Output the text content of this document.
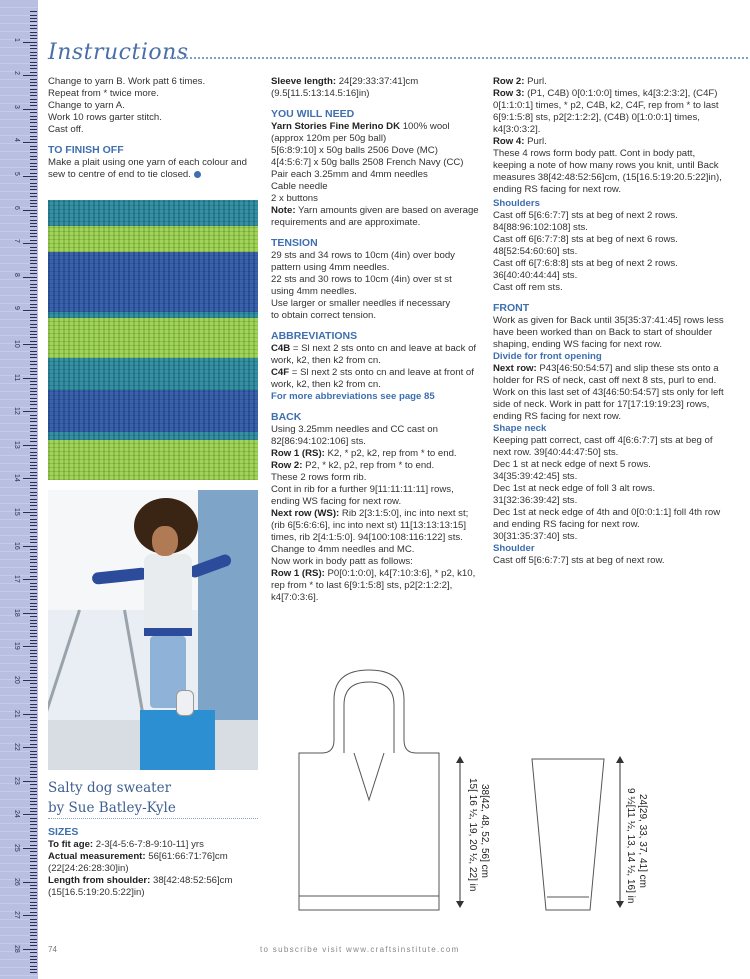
1
2
3
4
5
6
7
8
9
10
11
12
13
14
15
16
17
18
19
20
21
22
23
24
25
26
27
28
Instructions

Change to yarn B. Work patt 6 times.

Repeat from * twice more.

Change to yarn A.

Work 10 rows garter stitch.

Cast off.

TO FINISH OFF

Make a plait using one yarn of each colour and sew to centre of end to tie closed.

Salty dog sweater
by Sue Batley-Kyle
SIZES

To fit age: 2-3[4-5:6-7:8-9:10-11] yrs

Actual measurement: 56[61:66:71:76]cm

(22[24:26:28:30]in)

Length from shoulder: 38[42:48:52:56]cm

(15[16.5:19:20.5:22]in)

Sleeve length: 24[29:33:37:41]cm

(9.5[11.5:13:14.5:16]in)

YOU WILL NEED

Yarn Stories Fine Merino DK 100% wool

(approx 120m per 50g ball)

5[6:8:9:10] x 50g balls 2506 Dove (MC)

4[4:5:6:7] x 50g balls 2508 French Navy (CC)

Pair each 3.25mm and 4mm needles

Cable needle

2 x buttons

Note: Yarn amounts given are based on average requirements and are approximate.

TENSION

29 sts and 34 rows to 10cm (4in) over body

pattern using 4mm needles.

22 sts and 30 rows to 10cm (4in) over st st

using 4mm needles.

Use larger or smaller needles if necessary

to obtain correct tension.

ABBREVIATIONS

C4B = Sl next 2 sts onto cn and leave at back of work, k2, then k2 from cn.

C4F = Sl next 2 sts onto cn and leave at front of work, k2, then k2 from cn.

For more abbreviations see page 85

BACK

Using 3.25mm needles and CC cast on 82[86:94:102:106] sts.

Row 1 (RS): K2, * p2, k2, rep from * to end.

Row 2: P2, * k2, p2, rep from * to end.

These 2 rows form rib.

Cont in rib for a further 9[11:11:11:11] rows, ending WS facing for next row.

Next row (WS): Rib 2[3:1:5:0], inc into next st; (rib 6[5:6:6:6], inc into next st) 11[13:13:13:15] times, rib 2[4:1:5:0]. 94[100:108:116:122] sts.

Change to 4mm needles and MC.

Now work in body patt as follows:

Row 1 (RS): P0[0:1:0:0], k4[7:10:3:6], * p2, k10, rep from * to last 6[9:1:5:8] sts, p2[2:1:2:2], k4[7:0:3:6].

Row 2: Purl.

Row 3: (P1, C4B) 0[0:1:0:0] times, k4[3:2:3:2], (C4F) 0[1:1:0:1] times, * p2, C4B, k2, C4F, rep from * to last 6[9:1:5:8] sts, p2[2:1:2:2], (C4B) 0[1:0:0:1] times, k4[3:0:3:2].

Row 4: Purl.

These 4 rows form body patt. Cont in body patt, keeping a note of how many rows you knit, until Back measures 38[42:48:52:56]cm, (15[16.5:19:20.5:22]in), ending RS facing for next row.

Shoulders

Cast off 5[6:6:7:7] sts at beg of next 2 rows.

84[88:96:102:108] sts.

Cast off 6[6:7:7:8] sts at beg of next 6 rows.

48[52:54:60:60] sts.

Cast off 6[7:6:8:8] sts at beg of next 2 rows.

36[40:40:44:44] sts.

Cast off rem sts.

FRONT

Work as given for Back until 35[35:37:41:45] rows less have been worked than on Back to start of shoulder shaping, ending WS facing for next row.

Divide for front opening

Next row: P43[46:50:54:57] and slip these sts onto a holder for RS of neck, cast off next 8 sts, purl to end.

Work on this last set of 43[46:50:54:57] sts only for left side of neck. Work in patt for 17[17:19:19:23] rows, ending RS facing for next row.

Shape neck

Keeping patt correct, cast off 4[6:6:7:7] sts at beg of next row. 39[40:44:47:50] sts.

Dec 1 st at neck edge of next 5 rows.

34[35:39:42:45] sts.

Dec 1st at neck edge of foll 3 alt rows.

31[32:36:39:42] sts.

Dec 1st at neck edge of 4th and 0[0:0:1:1] foll 4th row and ending RS facing for next row.

30[31:35:37:40] sts.

Shoulder

Cast off 5[6:6:7:7] sts at beg of next row.

38[42, 48, 52, 56] cm
15[ 16 ½, 19, 20 ½, 22] in	24[29, 33, 37, 41] cm
9 ½[11 ½, 13, 14 ½, 16] in
74	to subscribe visit www.craftsinstitute.com
